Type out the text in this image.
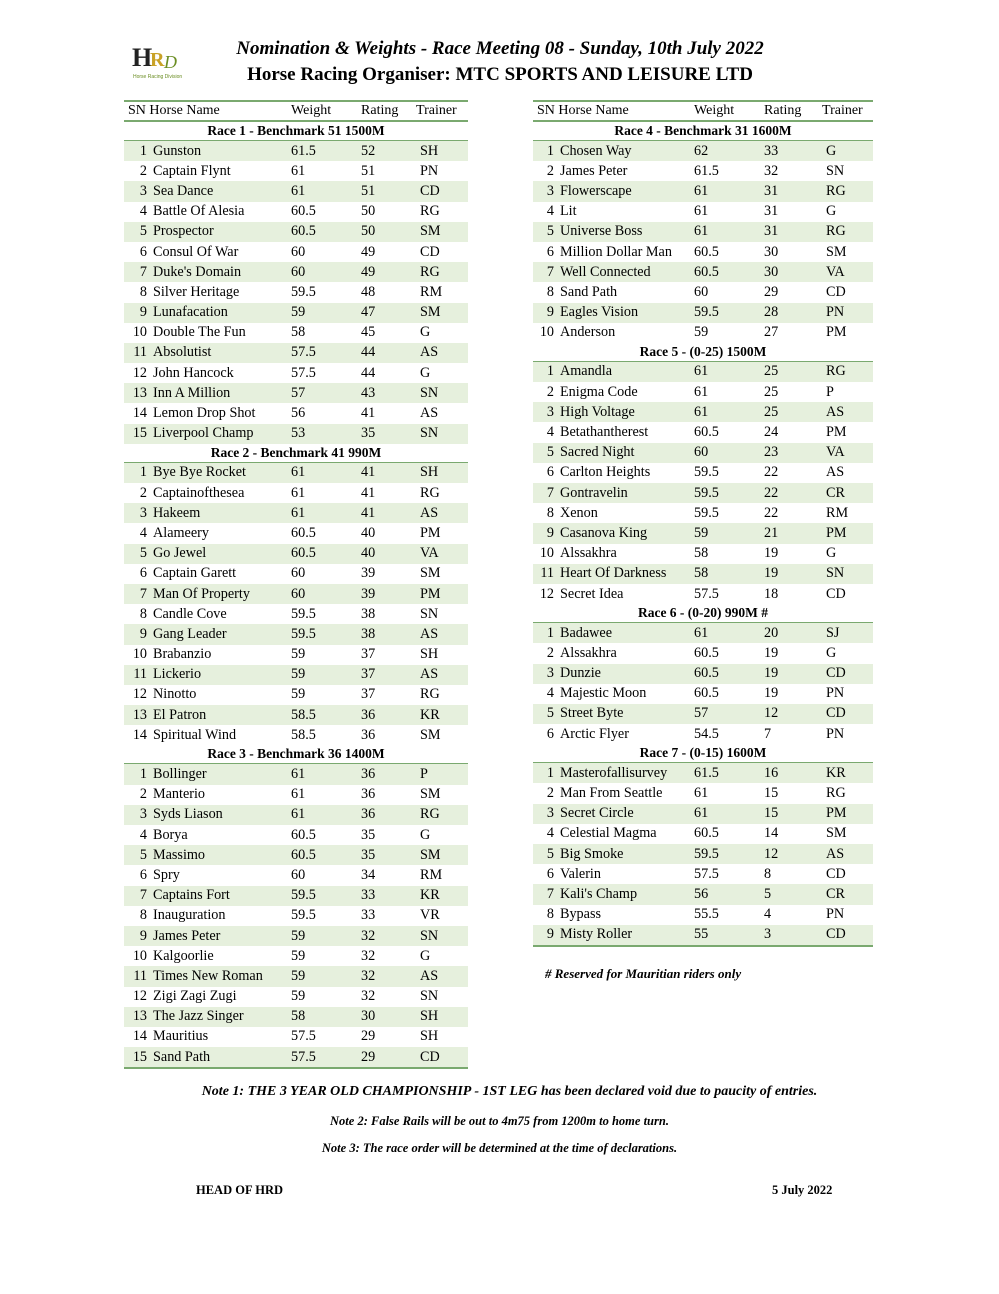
H
R D
Horse Racing Division
Nomination & Weights - Race Meeting 08 - Sunday, 10th July 2022
Horse Racing Organiser: MTC SPORTS AND LEISURE LTD
SN Horse Name		Weight	Rating	Trainer
Race 1 - Benchmark 51 1500M				
1	Gunston	61.5	52	SH
2	Captain Flynt	61	51	PN
3	Sea Dance	61	51	CD
4	Battle Of Alesia	60.5	50	RG
5	Prospector	60.5	50	SM
6	Consul Of War	60	49	CD
7	Duke's Domain	60	49	RG
8	Silver Heritage	59.5	48	RM
9	Lunafacation	59	47	SM
10	Double The Fun	58	45	G
11	Absolutist	57.5	44	AS
12	John Hancock	57.5	44	G
13	Inn A Million	57	43	SN
14	Lemon Drop Shot	56	41	AS
15	Liverpool Champ	53	35	SN
Race 2 - Benchmark 41 990M				
1	Bye Bye Rocket	61	41	SH
2	Captainofthesea	61	41	RG
3	Hakeem	61	41	AS
4	Alameery	60.5	40	PM
5	Go Jewel	60.5	40	VA
6	Captain Garett	60	39	SM
7	Man Of Property	60	39	PM
8	Candle Cove	59.5	38	SN
9	Gang Leader	59.5	38	AS
10	Brabanzio	59	37	SH
11	Lickerio	59	37	AS
12	Ninotto	59	37	RG
13	El Patron	58.5	36	KR
14	Spiritual Wind	58.5	36	SM
Race 3 - Benchmark 36 1400M				
1	Bollinger	61	36	P
2	Manterio	61	36	SM
3	Syds Liason	61	36	RG
4	Borya	60.5	35	G
5	Massimo	60.5	35	SM
6	Spry	60	34	RM
7	Captains Fort	59.5	33	KR
8	Inauguration	59.5	33	VR
9	James Peter	59	32	SN
10	Kalgoorlie	59	32	G
11	Times New Roman	59	32	AS
12	Zigi Zagi Zugi	59	32	SN
13	The Jazz Singer	58	30	SH
14	Mauritius	57.5	29	SH
15	Sand Path	57.5	29	CD
SN Horse Name		Weight	Rating	Trainer
Race 4 - Benchmark 31 1600M				
1	Chosen Way	62	33	G
2	James Peter	61.5	32	SN
3	Flowerscape	61	31	RG
4	Lit	61	31	G
5	Universe Boss	61	31	RG
6	Million Dollar Man	60.5	30	SM
7	Well Connected	60.5	30	VA
8	Sand Path	60	29	CD
9	Eagles Vision	59.5	28	PN
10	Anderson	59	27	PM
Race 5 - (0-25) 1500M				
1	Amandla	61	25	RG
2	Enigma Code	61	25	P
3	High Voltage	61	25	AS
4	Betathantherest	60.5	24	PM
5	Sacred Night	60	23	VA
6	Carlton Heights	59.5	22	AS
7	Gontravelin	59.5	22	CR
8	Xenon	59.5	22	RM
9	Casanova King	59	21	PM
10	Alssakhra	58	19	G
11	Heart Of Darkness	58	19	SN
12	Secret Idea	57.5	18	CD
Race 6 - (0-20) 990M #				
1	Badawee	61	20	SJ
2	Alssakhra	60.5	19	G
3	Dunzie	60.5	19	CD
4	Majestic Moon	60.5	19	PN
5	Street Byte	57	12	CD
6	Arctic Flyer	54.5	7	PN
Race 7 - (0-15) 1600M				
1	Masterofallisurvey	61.5	16	KR
2	Man From Seattle	61	15	RG
3	Secret Circle	61	15	PM
4	Celestial Magma	60.5	14	SM
5	Big Smoke	59.5	12	AS
6	Valerin	57.5	8	CD
7	Kali's Champ	56	5	CR
8	Bypass	55.5	4	PN
9	Misty Roller	55	3	CD
# Reserved for Mauritian riders only
Note 1: THE 3 YEAR OLD CHAMPIONSHIP - 1ST LEG has been declared void due to paucity of entries.
Note 2: False Rails will be out to 4m75 from 1200m to home turn.
Note 3: The race order will be determined at the time of declarations.
HEAD OF HRD	5 July 2022
